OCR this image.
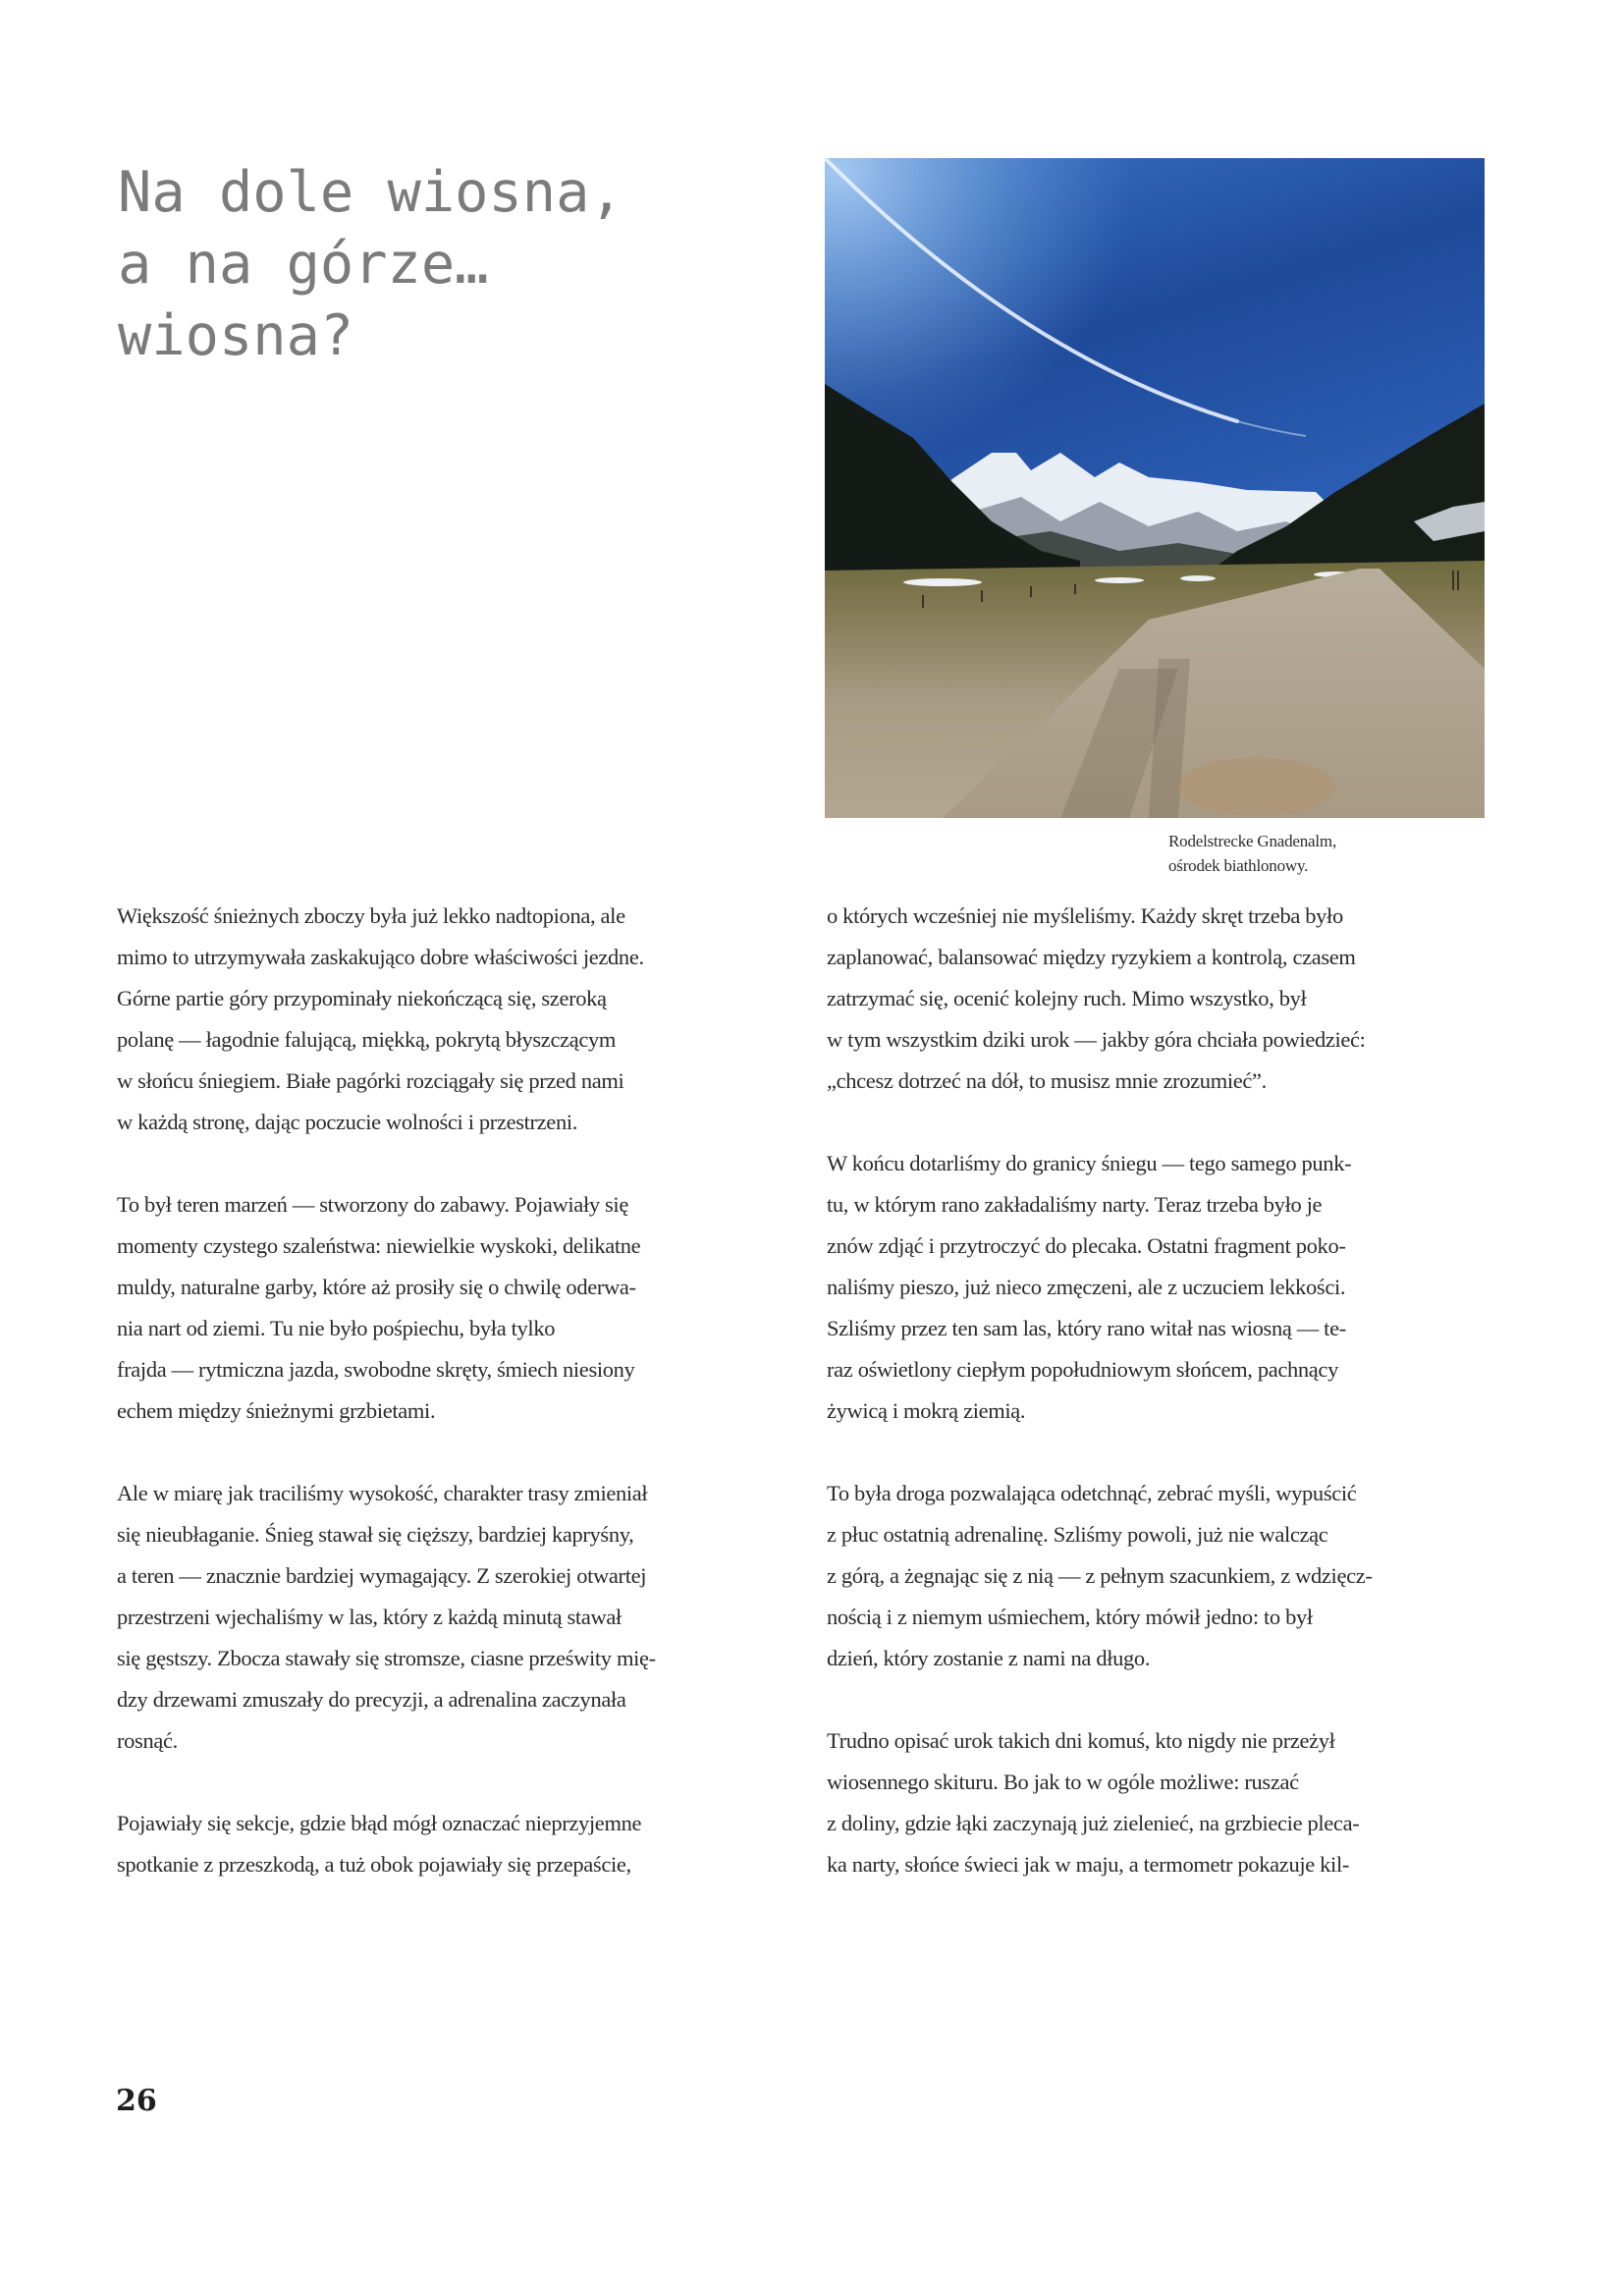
Na dole wiosna,
a na górze…
wiosna?
Rodelstrecke Gnadenalm,
ośrodek biathlonowy.

Większość śnieżnych zboczy była już lekko nadtopiona, ale
mimo to utrzymywała zaskakująco dobre właściwości jezdne.
Górne partie góry przypominały niekończącą się, szeroką
polanę — łagodnie falującą, miękką, pokrytą błyszczącym
w słońcu śniegiem. Białe pagórki rozciągały się przed nami
w każdą stronę, dając poczucie wolności i przestrzeni.

To był teren marzeń — stworzony do zabawy. Pojawiały się
momenty czystego szaleństwa: niewielkie wyskoki, delikatne
muldy, naturalne garby, które aż prosiły się o chwilę oderwa-
nia nart od ziemi. Tu nie było pośpiechu, była tylko
frajda — rytmiczna jazda, swobodne skręty, śmiech niesiony
echem między śnieżnymi grzbietami.

Ale w miarę jak traciliśmy wysokość, charakter trasy zmieniał
się nieubłaganie. Śnieg stawał się cięższy, bardziej kapryśny,
a teren — znacznie bardziej wymagający. Z szerokiej otwartej
przestrzeni wjechaliśmy w las, który z każdą minutą stawał
się gęstszy. Zbocza stawały się stromsze, ciasne prześwity mię-
dzy drzewami zmuszały do precyzji, a adrenalina zaczynała
rosnąć.

Pojawiały się sekcje, gdzie błąd mógł oznaczać nieprzyjemne
spotkanie z przeszkodą, a tuż obok pojawiały się przepaście,

o których wcześniej nie myśleliśmy. Każdy skręt trzeba było
zaplanować, balansować między ryzykiem a kontrolą, czasem
zatrzymać się, ocenić kolejny ruch. Mimo wszystko, był
w tym wszystkim dziki urok — jakby góra chciała powiedzieć:
„chcesz dotrzeć na dół, to musisz mnie zrozumieć”.

W końcu dotarliśmy do granicy śniegu — tego samego punk-
tu, w którym rano zakładaliśmy narty. Teraz trzeba było je
znów zdjąć i przytroczyć do plecaka. Ostatni fragment poko-
naliśmy pieszo, już nieco zmęczeni, ale z uczuciem lekkości.
Szliśmy przez ten sam las, który rano witał nas wiosną — te-
raz oświetlony ciepłym popołudniowym słońcem, pachnący
żywicą i mokrą ziemią.

To była droga pozwalająca odetchnąć, zebrać myśli, wypuścić
z płuc ostatnią adrenalinę. Szliśmy powoli, już nie walcząc
z górą, a żegnając się z nią — z pełnym szacunkiem, z wdzięcz-
nością i z niemym uśmiechem, który mówił jedno: to był
dzień, który zostanie z nami na długo.

Trudno opisać urok takich dni komuś, kto nigdy nie przeżył
wiosennego skituru. Bo jak to w ogóle możliwe: ruszać
z doliny, gdzie łąki zaczynają już zielenieć, na grzbiecie pleca-
ka narty, słońce świeci jak w maju, a termometr pokazuje kil-

26
